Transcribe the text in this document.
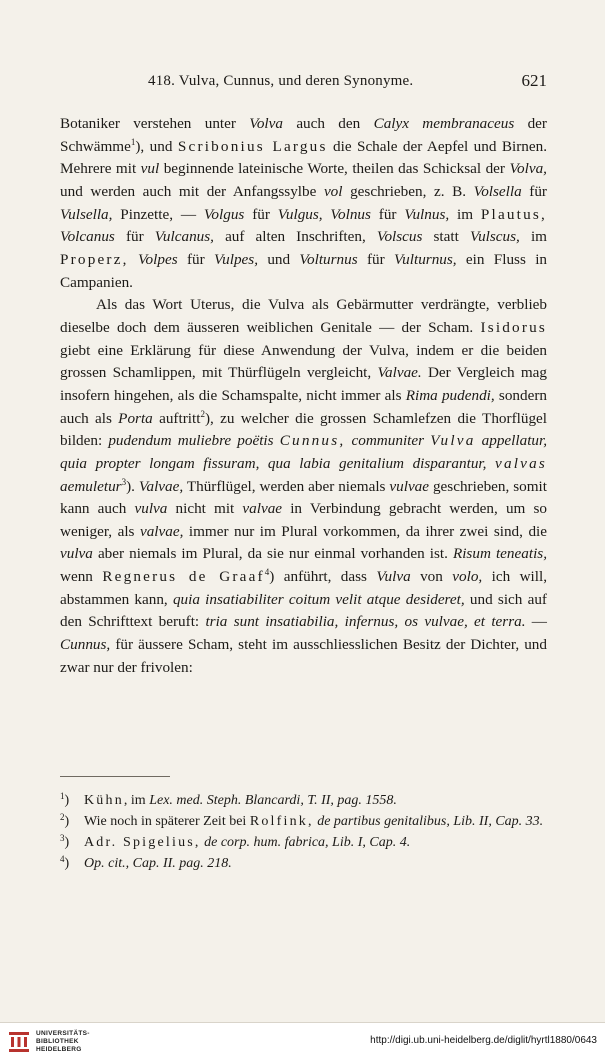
418. Vulva, Cunnus, und deren Synonyme.	621

Botaniker verstehen unter Volva auch den Calyx membranaceus der Schwämme$^1$), und Scribonius Largus die Schale der Aepfel und Birnen. Mehrere mit vul beginnende lateinische Worte, theilen das Schicksal der Volva, und werden auch mit der Anfangssylbe vol geschrieben, z. B. Volsella für Vulsella, Pinzette, — Volgus für Vulgus, Volnus für Vulnus, im Plautus, Volcanus für Vulcanus, auf alten Inschriften, Volscus statt Vulscus, im Properz, Volpes für Vulpes, und Volturnus für Vulturnus, ein Fluss in Campanien.

Als das Wort Uterus, die Vulva als Gebärmutter verdrängte, verblieb dieselbe doch dem äusseren weiblichen Genitale — der Scham. Isidorus giebt eine Erklärung für diese Anwendung der Vulva, indem er die beiden grossen Schamlippen, mit Thürflügeln vergleicht, Valvae. Der Vergleich mag insofern hingehen, als die Schamspalte, nicht immer als Rima pudendi, sondern auch als Porta auftritt$^2$), zu welcher die grossen Schamlefzen die Thorflügel bilden: pudendum muliebre poëtis Cunnus, communiter Vulva appellatur, quia propter longam fissuram, qua labia genitalium disparantur, valvas aemuletur$^3$). Valvae, Thürflügel, werden aber niemals vulvae geschrieben, somit kann auch vulva nicht mit valvae in Verbindung gebracht werden, um so weniger, als valvae, immer nur im Plural vorkommen, da ihrer zwei sind, die vulva aber niemals im Plural, da sie nur einmal vorhanden ist. Risum teneatis, wenn Regnerus de Graaf$^4$) anführt, dass Vulva von volo, ich will, abstammen kann, quia insatiabiliter coitum velit atque desideret, und sich auf den Schrifttext beruft: tria sunt insatiabilia, infernus, os vulvae, et terra. — Cunnus, für äussere Scham, steht im ausschliesslichen Besitz der Dichter, und zwar nur der frivolen:

$^1$) Kühn, im Lex. med. Steph. Blancardi, T. II, pag. 1558.
$^2$) Wie noch in späterer Zeit bei Rolfink, de partibus genitalibus, Lib. II, Cap. 33.
$^3$) Adr. Spigelius, de corp. hum. fabrica, Lib. I, Cap. 4.
$^4$) Op. cit., Cap. II. pag. 218.
UNIVERSITÄTS-
BIBLIOTHEK
HEIDELBERG
http://digi.ub.uni-heidelberg.de/diglit/hyrtl1880/0643
